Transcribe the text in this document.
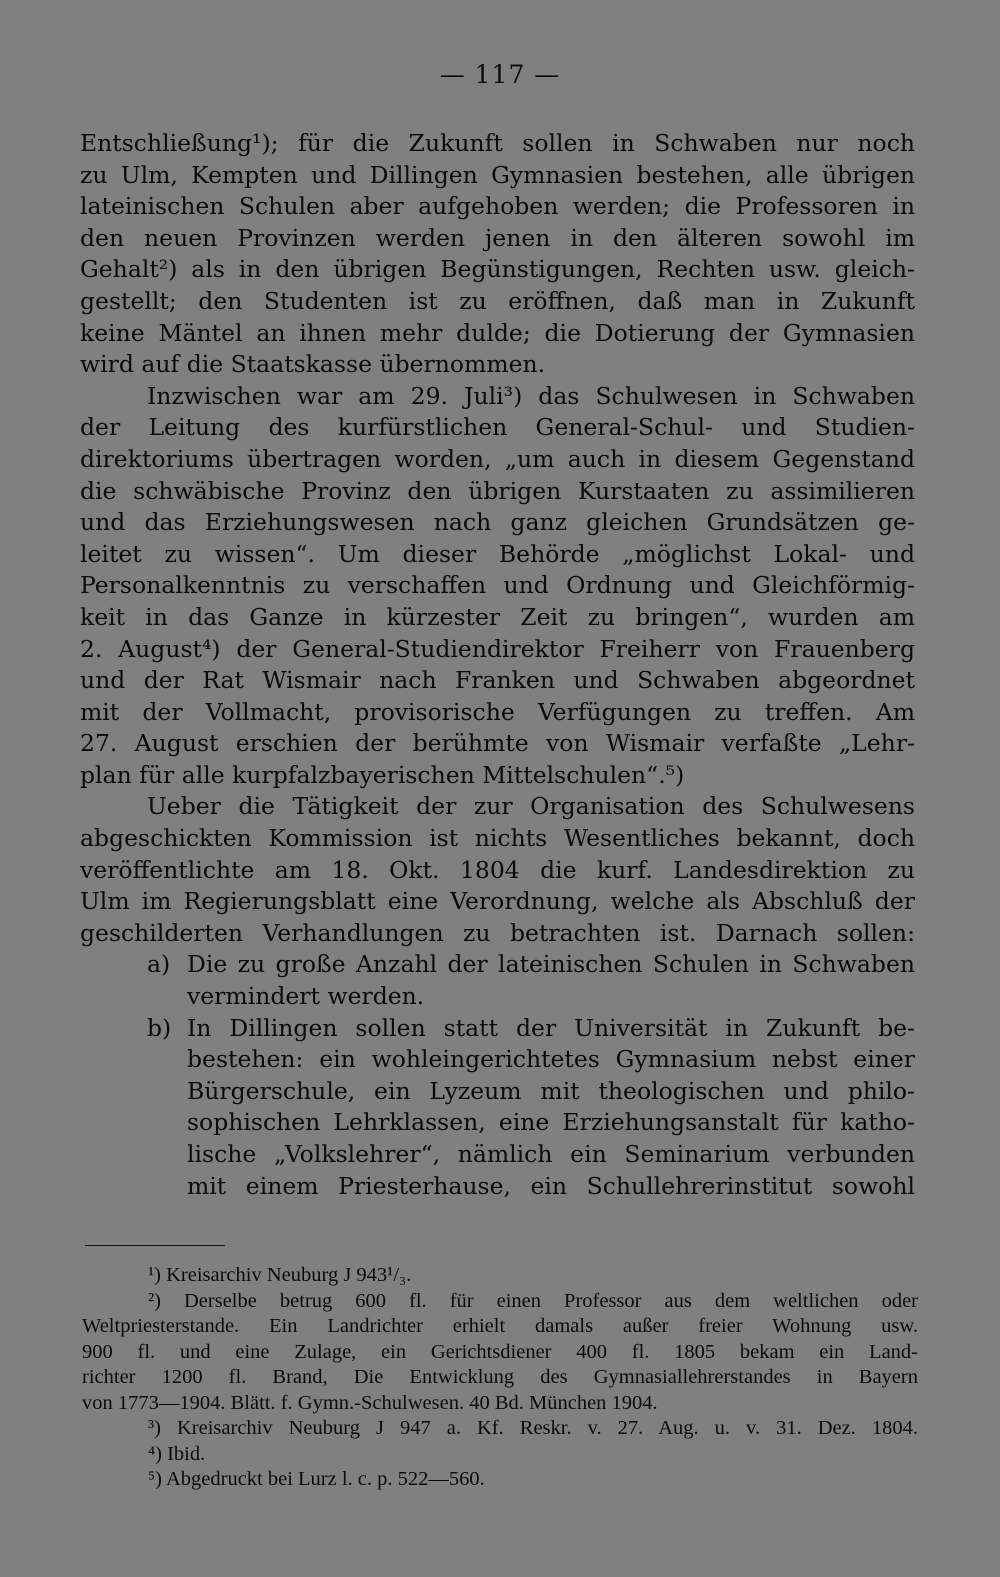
— 117 —
Entschließung¹); für die Zukunft sollen in Schwaben nur noch
zu Ulm, Kempten und Dillingen Gymnasien bestehen, alle übrigen
lateinischen Schulen aber aufgehoben werden; die Professoren in
den neuen Provinzen werden jenen in den älteren sowohl im
Gehalt²) als in den übrigen Begünstigungen, Rechten usw. gleich-
gestellt; den Studenten ist zu eröffnen, daß man in Zukunft
keine Mäntel an ihnen mehr dulde; die Dotierung der Gymnasien
wird auf die Staatskasse übernommen.
Inzwischen war am 29. Juli³) das Schulwesen in Schwaben
der Leitung des kurfürstlichen General-Schul- und Studien-
direktoriums übertragen worden, „um auch in diesem Gegenstand
die schwäbische Provinz den übrigen Kurstaaten zu assimilieren
und das Erziehungswesen nach ganz gleichen Grundsätzen ge-
leitet zu wissen“. Um dieser Behörde „möglichst Lokal- und
Personalkenntnis zu verschaffen und Ordnung und Gleichförmig-
keit in das Ganze in kürzester Zeit zu bringen“, wurden am
2. August⁴) der General-Studiendirektor Freiherr von Frauenberg
und der Rat Wismair nach Franken und Schwaben abgeordnet
mit der Vollmacht, provisorische Verfügungen zu treffen. Am
27. August erschien der berühmte von Wismair verfaßte „Lehr-
plan für alle kurpfalzbayerischen Mittelschulen“.⁵)
Ueber die Tätigkeit der zur Organisation des Schulwesens
abgeschickten Kommission ist nichts Wesentliches bekannt, doch
veröffentlichte am 18. Okt. 1804 die kurf. Landesdirektion zu
Ulm im Regierungsblatt eine Verordnung, welche als Abschluß der
geschilderten Verhandlungen zu betrachten ist. Darnach sollen:
a) Die zu große Anzahl der lateinischen Schulen in Schwaben
vermindert werden.
b) In Dillingen sollen statt der Universität in Zukunft be-
bestehen: ein wohleingerichtetes Gymnasium nebst einer
Bürgerschule, ein Lyzeum mit theologischen und philo-
sophischen Lehrklassen, eine Erziehungsanstalt für katho-
lische „Volkslehrer“, nämlich ein Seminarium verbunden
mit einem Priesterhause, ein Schullehrerinstitut sowohl
¹) Kreisarchiv Neuburg J 943¹/₃.
²) Derselbe betrug 600 fl. für einen Professor aus dem weltlichen oder
Weltpriesterstande. Ein Landrichter erhielt damals außer freier Wohnung usw.
900 fl. und eine Zulage, ein Gerichtsdiener 400 fl. 1805 bekam ein Land-
richter 1200 fl. Brand, Die Entwicklung des Gymnasiallehrerstandes in Bayern
von 1773—1904. Blätt. f. Gymn.-Schulwesen. 40 Bd. München 1904.
³) Kreisarchiv Neuburg J 947 a. Kf. Reskr. v. 27. Aug. u. v. 31. Dez. 1804.
⁴) Ibid.
⁵) Abgedruckt bei Lurz l. c. p. 522—560.
